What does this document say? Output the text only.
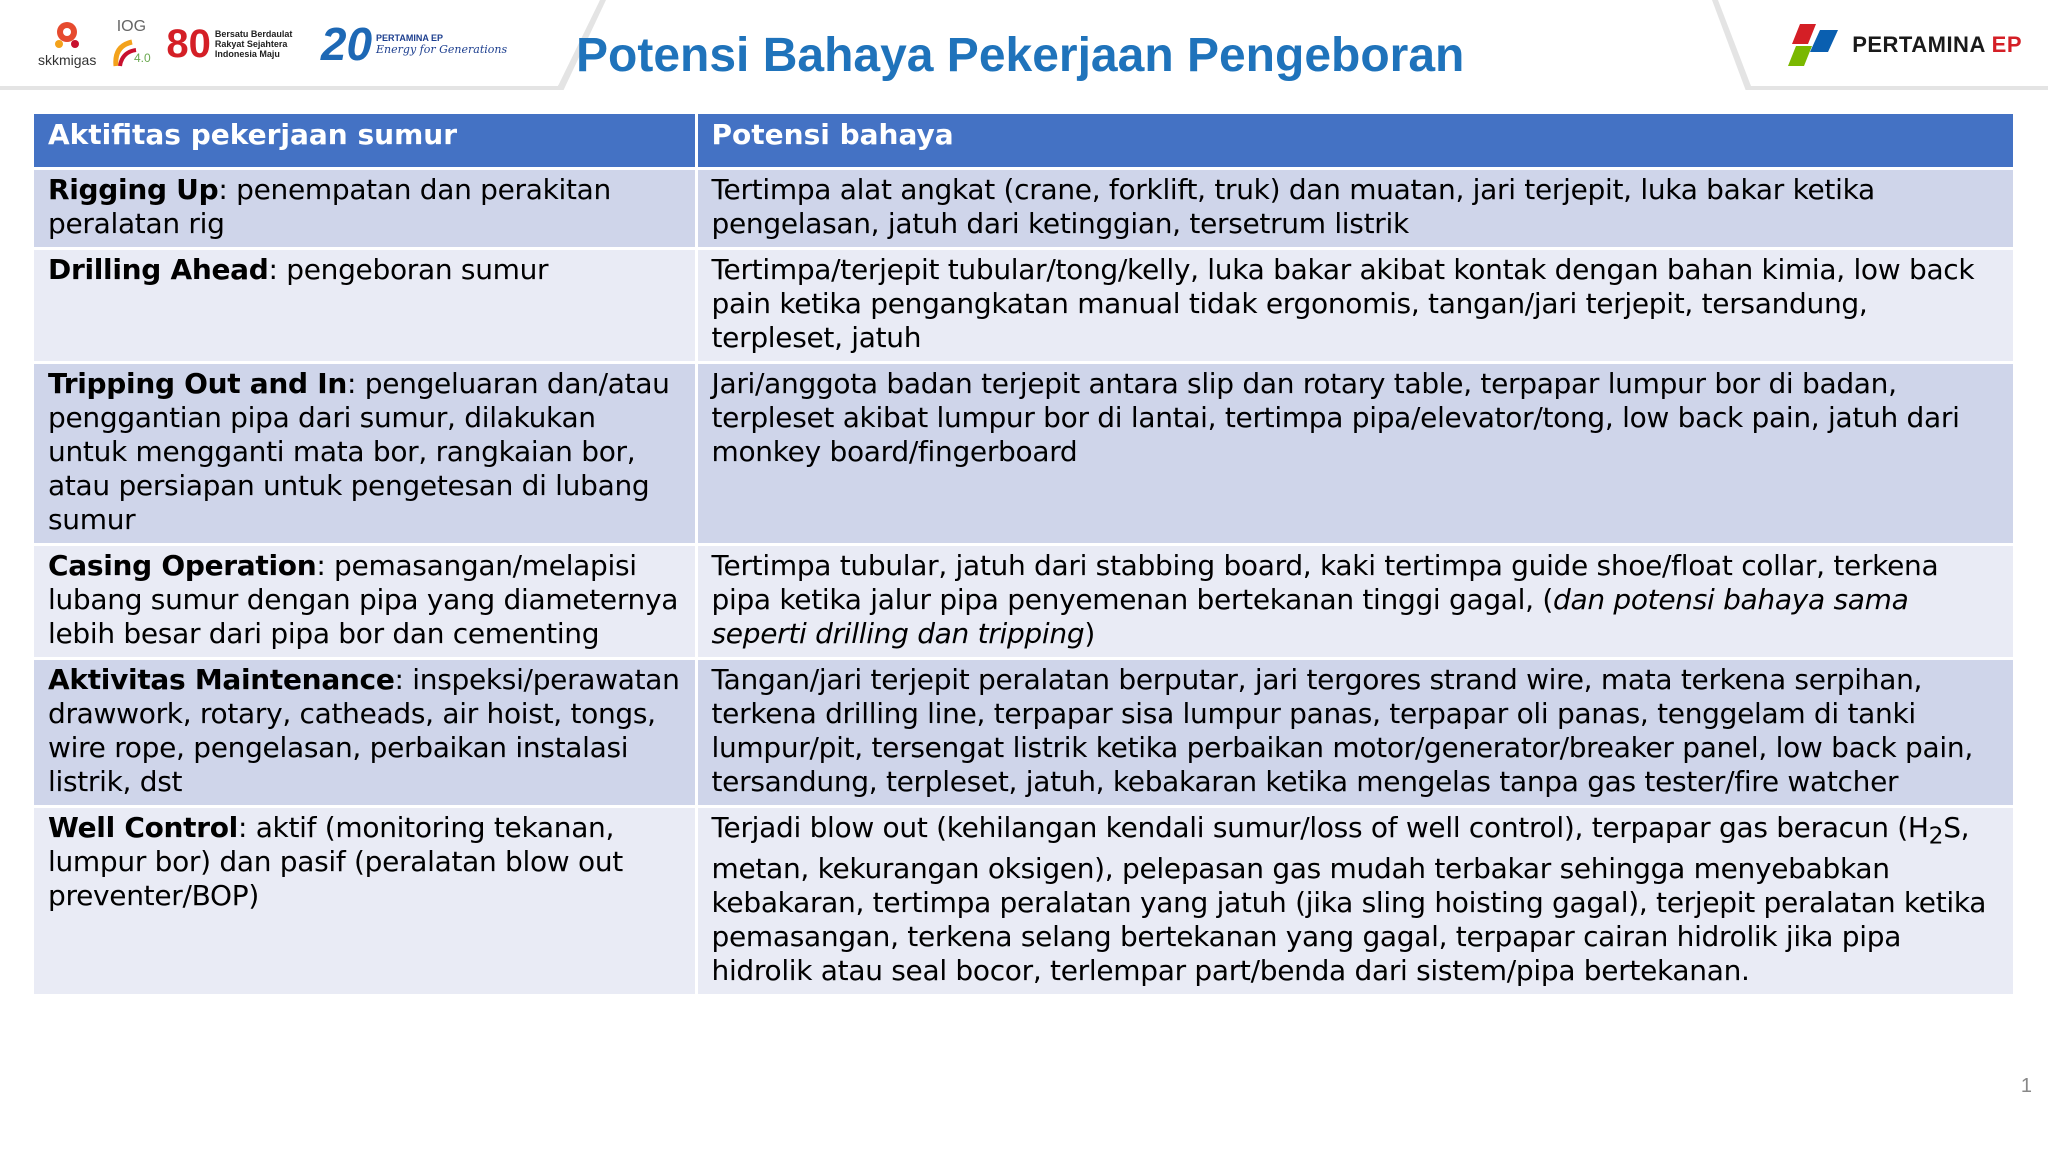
skkmigas
IOG
4.0 80 Bersatu Berdaulat Rakyat Sejahtera Indonesia Maju 20 PERTAMINA EP
Energy for Generations Potensi Bahaya Pekerjaan Pengeboran	PERTAMINA EP
Aktifitas pekerjaan sumur	Potensi bahaya
Rigging Up: penempatan dan perakitan peralatan rig	Tertimpa alat angkat (crane, forklift, truk) dan muatan, jari terjepit, luka bakar ketika pengelasan, jatuh dari ketinggian, tersetrum listrik
Drilling Ahead: pengeboran sumur	Tertimpa/terjepit tubular/tong/kelly, luka bakar akibat kontak dengan bahan kimia, low back pain ketika pengangkatan manual tidak ergonomis, tangan/jari terjepit, tersandung, terpleset, jatuh
Tripping Out and In: pengeluaran dan/atau penggantian pipa dari sumur, dilakukan untuk mengganti mata bor, rangkaian bor, atau persiapan untuk pengetesan di lubang sumur	Jari/anggota badan terjepit antara slip dan rotary table, terpapar lumpur bor di badan, terpleset akibat lumpur bor di lantai, tertimpa pipa/elevator/tong, low back pain, jatuh dari monkey board/fingerboard
Casing Operation: pemasangan/melapisi lubang sumur dengan pipa yang diameternya lebih besar dari pipa bor dan cementing	Tertimpa tubular, jatuh dari stabbing board, kaki tertimpa guide shoe/float collar, terkena pipa ketika jalur pipa penyemenan bertekanan tinggi gagal, (dan potensi bahaya sama seperti drilling dan tripping)
Aktivitas Maintenance: inspeksi/perawatan drawwork, rotary, catheads, air hoist, tongs, wire rope, pengelasan, perbaikan instalasi listrik, dst	Tangan/jari terjepit peralatan berputar, jari tergores strand wire, mata terkena serpihan, terkena drilling line, terpapar sisa lumpur panas, terpapar oli panas, tenggelam di tanki lumpur/pit, tersengat listrik ketika perbaikan motor/generator/breaker panel, low back pain, tersandung, terpleset, jatuh, kebakaran ketika mengelas tanpa gas tester/fire watcher
Well Control: aktif (monitoring tekanan, lumpur bor) dan pasif (peralatan blow out preventer/BOP)	Terjadi blow out (kehilangan kendali sumur/loss of well control), terpapar gas beracun ($H_2S$, metan, kekurangan oksigen), pelepasan gas mudah terbakar sehingga menyebabkan kebakaran, tertimpa peralatan yang jatuh (jika sling hoisting gagal), terjepit peralatan ketika pemasangan, terkena selang bertekanan yang gagal, terpapar cairan hidrolik jika pipa hidrolik atau seal bocor, terlempar part/benda dari sistem/pipa bertekanan.
1
